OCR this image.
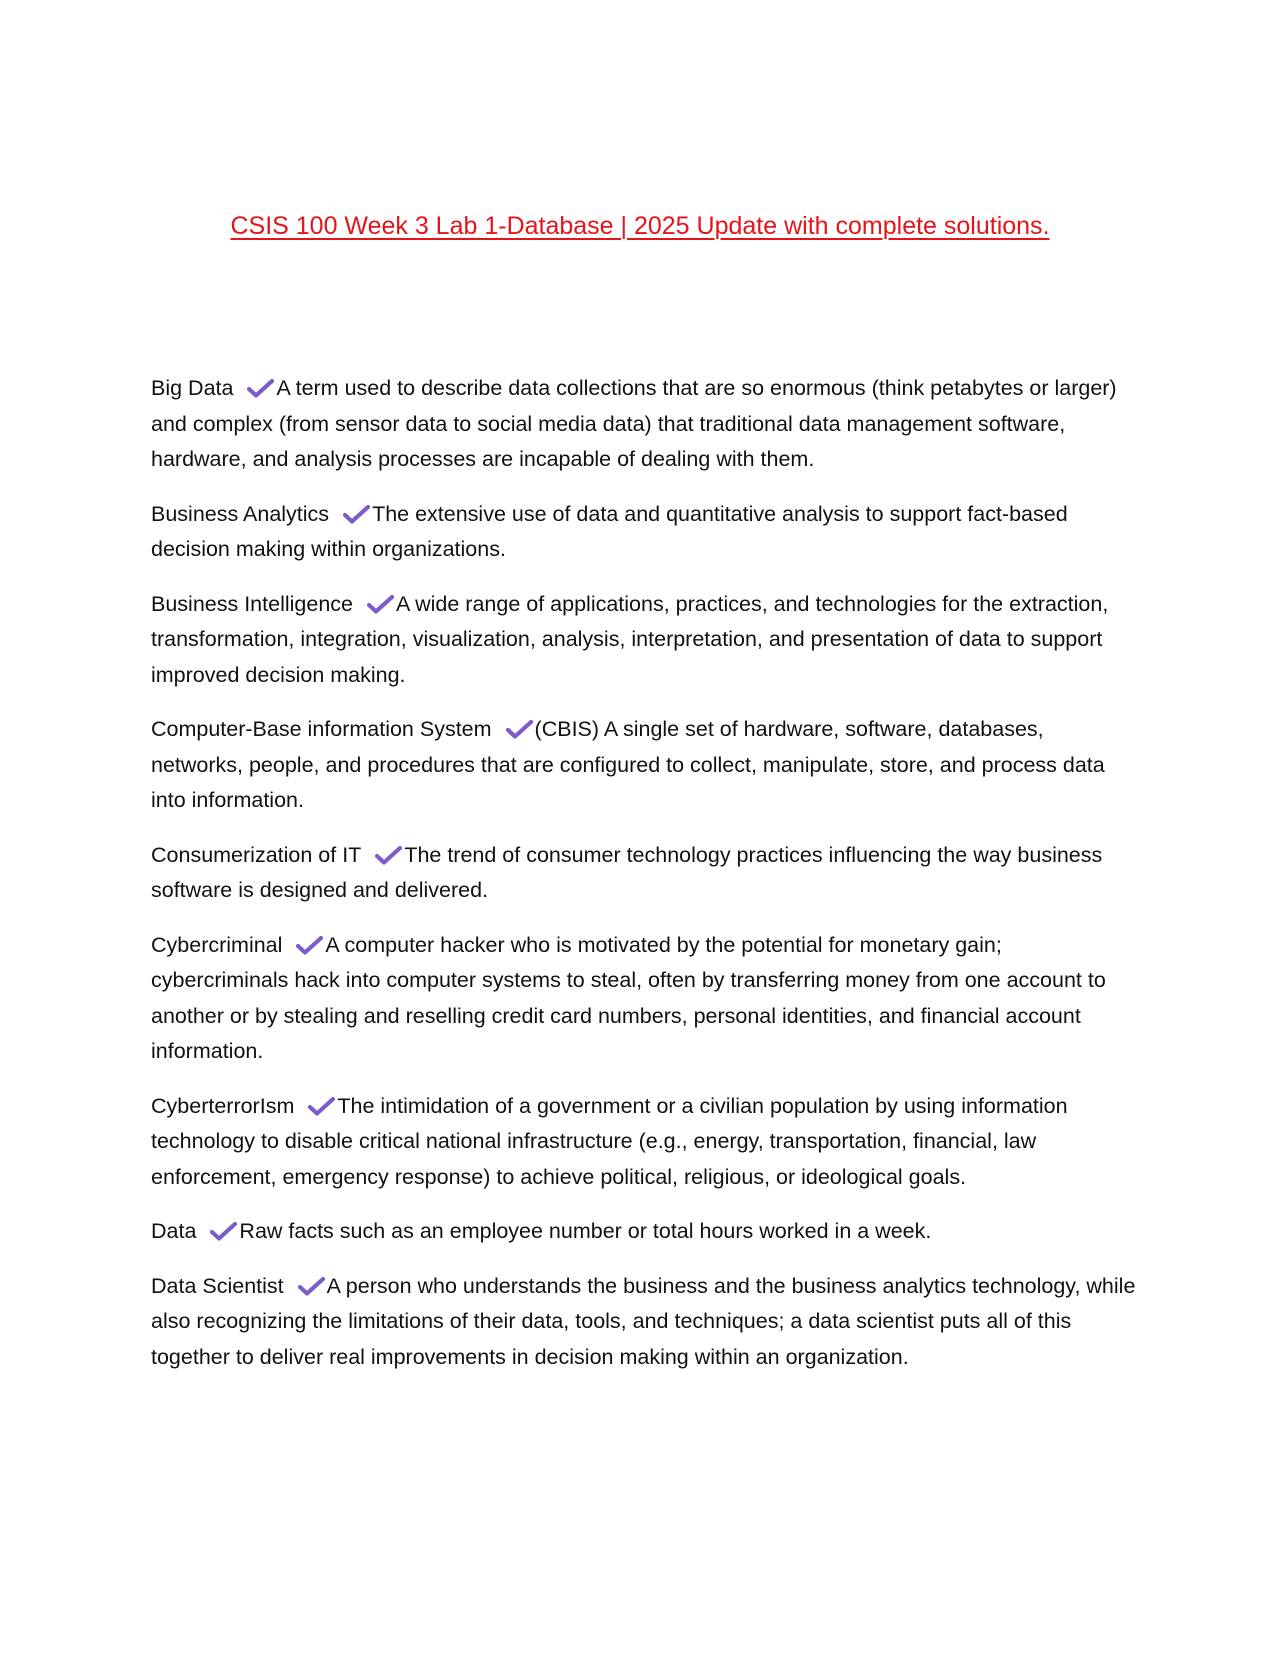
CSIS 100 Week 3 Lab 1-Database | 2025 Update with complete solutions.

Big Data A term used to describe data collections that are so enormous (think petabytes or larger) and complex (from sensor data to social media data) that traditional data management software, hardware, and analysis processes are incapable of dealing with them.

Business Analytics The extensive use of data and quantitative analysis to support fact-based decision making within organizations.

Business Intelligence A wide range of applications, practices, and technologies for the extraction, transformation, integration, visualization, analysis, interpretation, and presentation of data to support improved decision making.

Computer-Base information System (CBIS) A single set of hardware, software, databases, networks, people, and procedures that are configured to collect, manipulate, store, and process data into information.

Consumerization of IT The trend of consumer technology practices influencing the way business software is designed and delivered.

Cybercriminal A computer hacker who is motivated by the potential for monetary gain; cybercriminals hack into computer systems to steal, often by transferring money from one account to another or by stealing and reselling credit card numbers, personal identities, and financial account information.

CyberterrorIsm The intimidation of a government or a civilian population by using information technology to disable critical national infrastructure (e.g., energy, transportation, financial, law enforcement, emergency response) to achieve political, religious, or ideological goals.

Data Raw facts such as an employee number or total hours worked in a week.

Data Scientist A person who understands the business and the business analytics technology, while also recognizing the limitations of their data, tools, and techniques; a data scientist puts all of this together to deliver real improvements in decision making within an organization.
